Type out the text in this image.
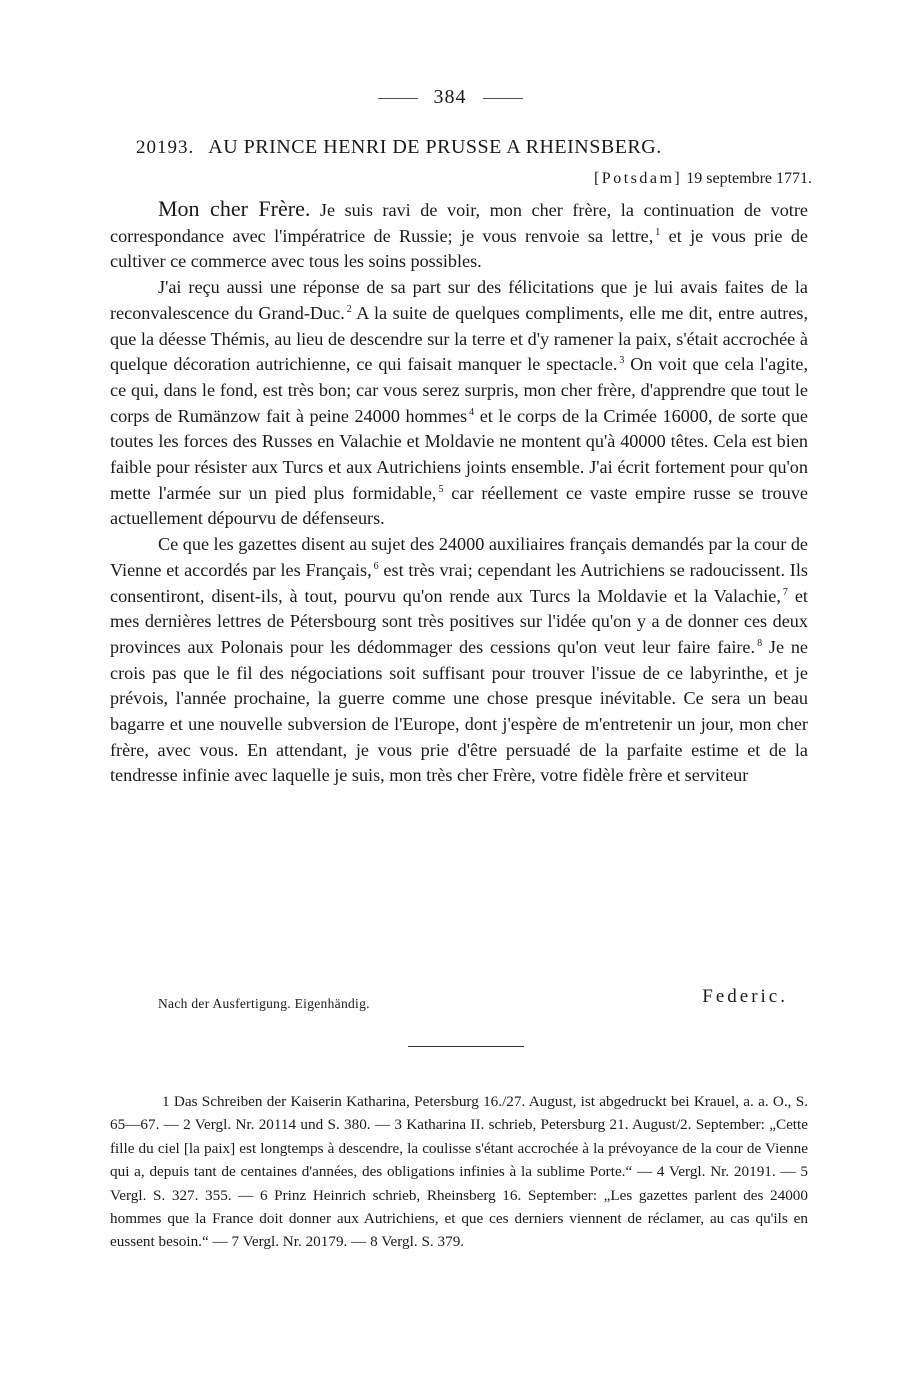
384
20193. AU PRINCE HENRI DE PRUSSE A RHEINSBERG.
[Potsdam] 19 septembre 1771.

Mon cher Frère. Je suis ravi de voir, mon cher frère, la continuation de votre correspondance avec l'impératrice de Russie; je vous renvoie sa lettre, $^1$ et je vous prie de cultiver ce commerce avec tous les soins possibles.

J'ai reçu aussi une réponse de sa part sur des félicitations que je lui avais faites de la reconvalescence du Grand-Duc. $^2$ A la suite de quelques compliments, elle me dit, entre autres, que la déesse Thémis, au lieu de descendre sur la terre et d'y ramener la paix, s'était accrochée à quelque décoration autrichienne, ce qui faisait manquer le spectacle. $^3$ On voit que cela l'agite, ce qui, dans le fond, est très bon; car vous serez surpris, mon cher frère, d'apprendre que tout le corps de Rumänzow fait à peine 24000 hommes $^4$ et le corps de la Crimée 16000, de sorte que toutes les forces des Russes en Valachie et Moldavie ne montent qu'à 40000 têtes. Cela est bien faible pour résister aux Turcs et aux Autrichiens joints ensemble. J'ai écrit fortement pour qu'on mette l'armée sur un pied plus formidable, $^5$ car réellement ce vaste empire russe se trouve actuellement dépourvu de défenseurs.

Ce que les gazettes disent au sujet des 24000 auxiliaires français demandés par la cour de Vienne et accordés par les Français, $^6$ est très vrai; cependant les Autrichiens se radoucissent. Ils consentiront, disent-ils, à tout, pourvu qu'on rende aux Turcs la Moldavie et la Valachie, $^7$ et mes dernières lettres de Pétersbourg sont très positives sur l'idée qu'on y a de donner ces deux provinces aux Polonais pour les dédommager des cessions qu'on veut leur faire faire. $^8$ Je ne crois pas que le fil des négociations soit suffisant pour trouver l'issue de ce labyrinthe, et je prévois, l'année prochaine, la guerre comme une chose presque inévitable. Ce sera un beau bagarre et une nouvelle subversion de l'Europe, dont j'espère de m'entretenir un jour, mon cher frère, avec vous. En attendant, je vous prie d'être persuadé de la parfaite estime et de la tendresse infinie avec laquelle je suis, mon très cher Frère, votre fidèle frère et serviteur

Nach der Ausfertigung. Eigenhändig.	Federic.

1 Das Schreiben der Kaiserin Katharina, Petersburg 16./27. August, ist abgedruckt bei Krauel, a. a. O., S. 65—67. — 2 Vergl. Nr. 20114 und S. 380. — 3 Katharina II. schrieb, Petersburg 21. August/2. September: „Cette fille du ciel [la paix] est longtemps à descendre, la coulisse s'étant accrochée à la prévoyance de la cour de Vienne qui a, depuis tant de centaines d'années, des obligations infinies à la sublime Porte.“ — 4 Vergl. Nr. 20191. — 5 Vergl. S. 327. 355. — 6 Prinz Heinrich schrieb, Rheinsberg 16. September: „Les gazettes parlent des 24000 hommes que la France doit donner aux Autrichiens, et que ces derniers viennent de réclamer, au cas qu'ils en eussent besoin.“ — 7 Vergl. Nr. 20179. — 8 Vergl. S. 379.
